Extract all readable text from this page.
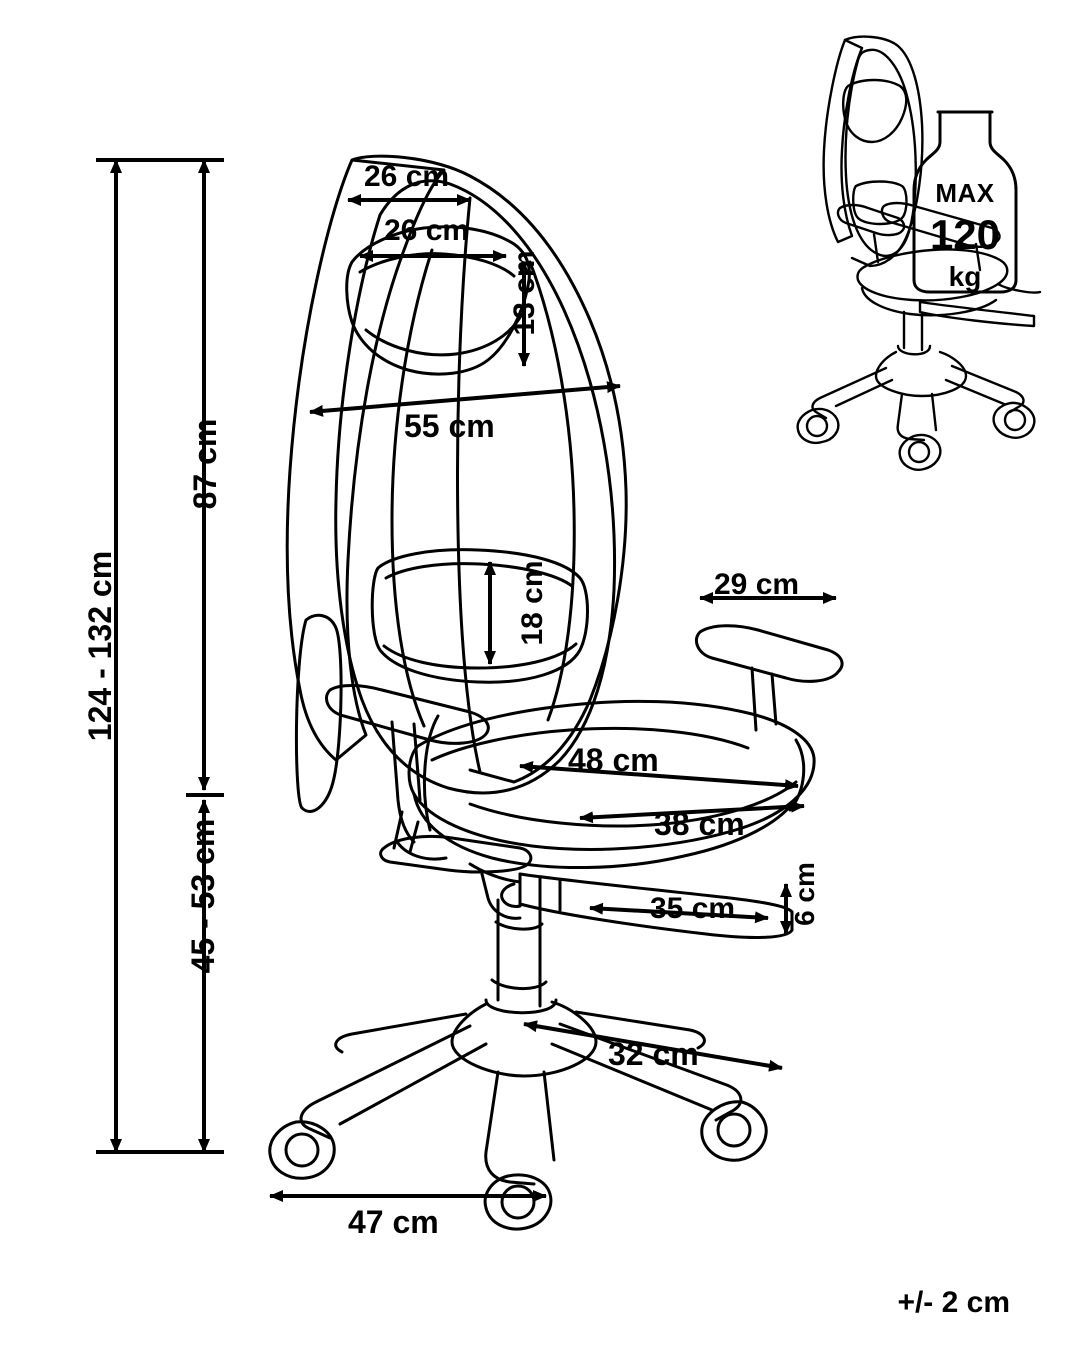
26 cm
26 cm
13 cm
55 cm
18 cm	29 cm
48 cm
38 cm
35 cm 6 cm
32 cm
47 cm
87 cm
45 - 53 cm
124 - 132 cm
MAX
120
kg
+/- 2 cm
